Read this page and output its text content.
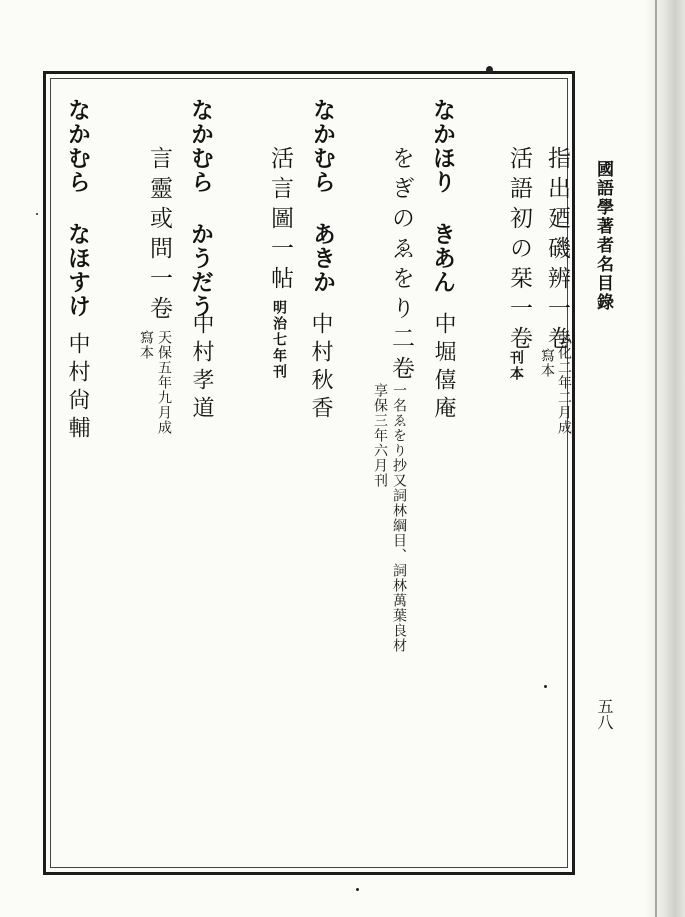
國語學著者名目錄
五八
指出廼磯辨一卷
弘化二年二月成
寫本
活語初の栞一卷
刊本
なかほり きあん
中堀僖庵
をぎのゑをり二卷
一名ゑをり抄又詞林綱目、詞林萬葉良材
享保三年六月刊
なかむら あきか
中村秋香
活言圖一帖
明治七年刊
なかむら かうだう
中村孝道
言靈或問一卷
天保五年九月成
寫本
なかむら なほすけ
中村尙輔
